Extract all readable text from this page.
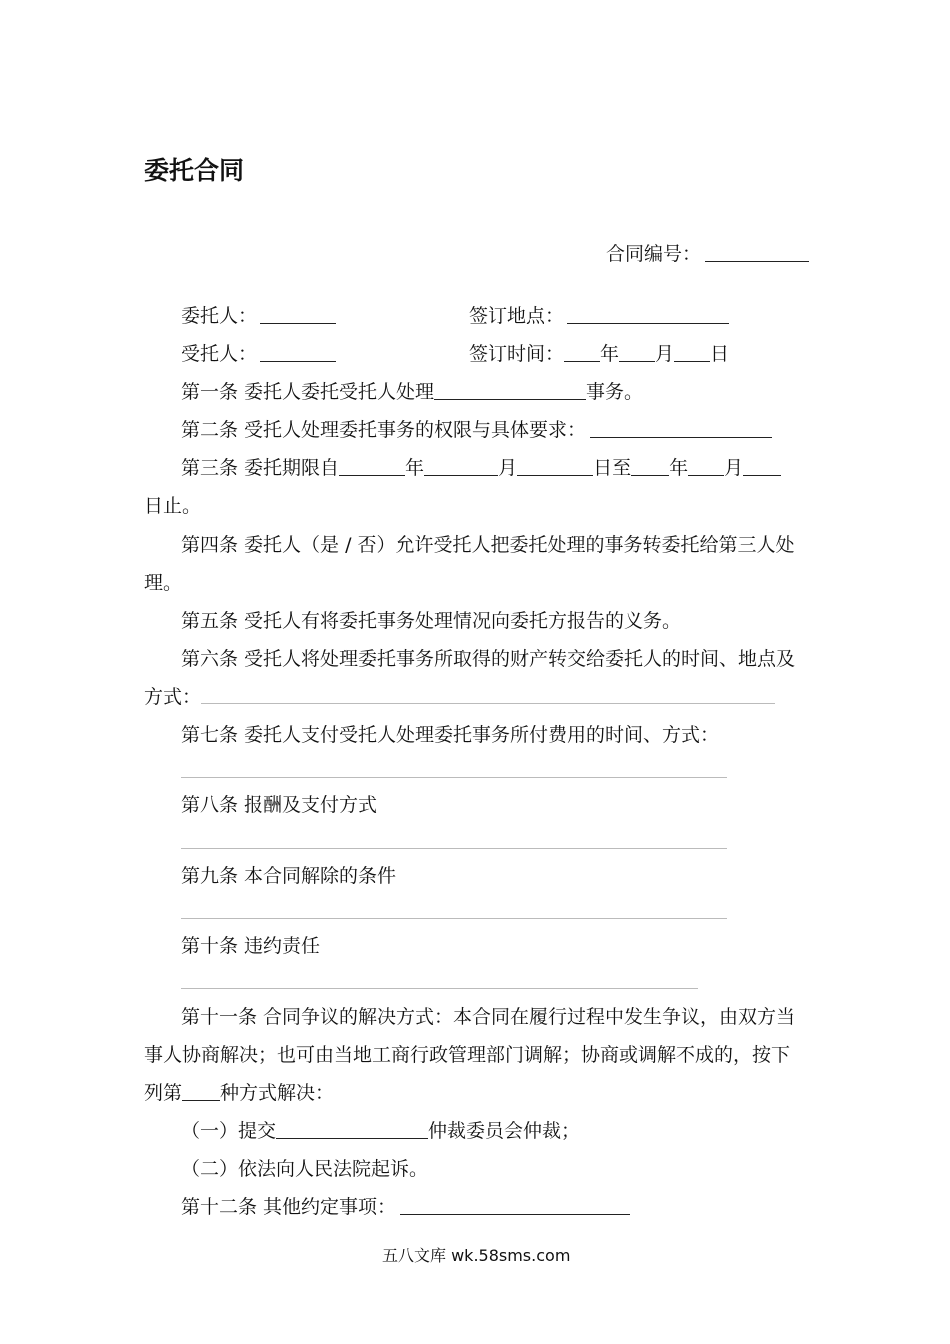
委托合同
合同编号：
委托人：	签订地点：
受托人：	签订时间： 年 月 日
第一条 委托人委托受托人处理	事务。
第二条 受托人处理委托事务的权限与具体要求：
第三条 委托期限自	年	月	日至 年 月
日止。
第四条 委托人（是 / 否）允许受托人把委托处理的事务转委托给第三人处
理。
第五条 受托人有将委托事务处理情况向委托方报告的义务。
第六条 受托人将处理委托事务所取得的财产转交给委托人的时间、地点及
方式：
第七条 委托人支付受托人处理委托事务所付费用的时间、方式：
第八条 报酬及支付方式
第九条 本合同解除的条件
第十条 违约责任
第十一条 合同争议的解决方式：本合同在履行过程中发生争议，由双方当
事人协商解决；也可由当地工商行政管理部门调解；协商或调解不成的，按下
列第 种方式解决：
（一）提交	仲裁委员会仲裁；
（二）依法向人民法院起诉。
第十二条 其他约定事项：
五八文库 wk.58sms.com
